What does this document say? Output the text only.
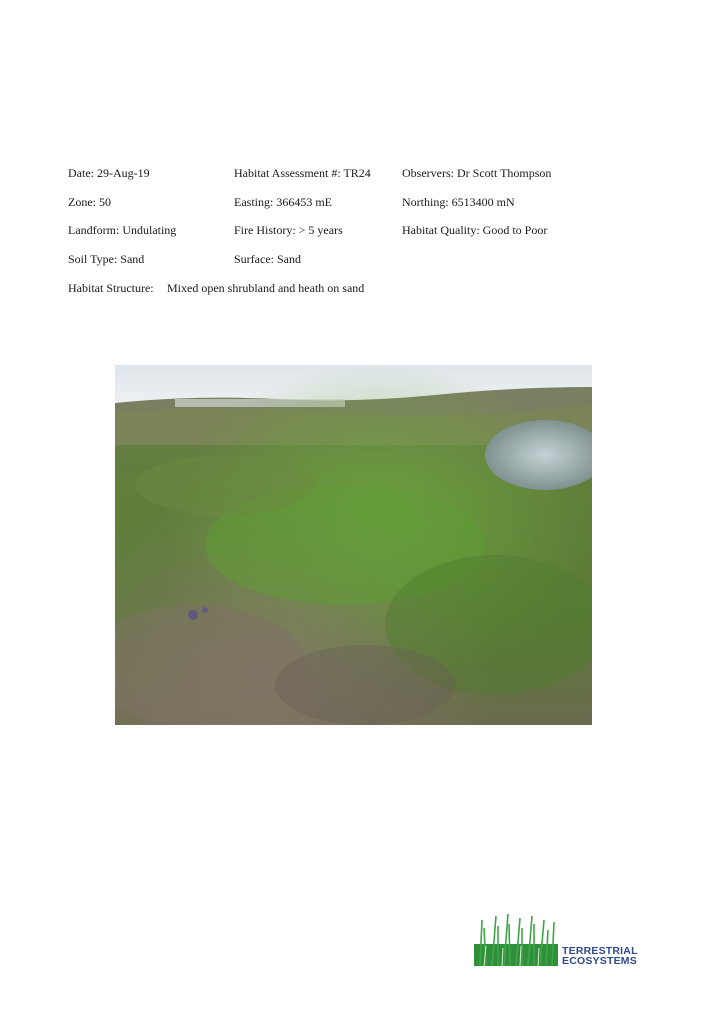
Date: 29-Aug-19	Habitat Assessment #: TR24	Observers: Dr Scott Thompson
Zone: 50	Easting: 366453 mE	Northing: 6513400 mN
Landform: Undulating	Fire History: > 5 years	Habitat Quality: Good to Poor
Soil Type: Sand	Surface: Sand
Habitat Structure: Mixed open shrubland and heath on sand
TERRESTRIAL
ECOSYSTEMS
